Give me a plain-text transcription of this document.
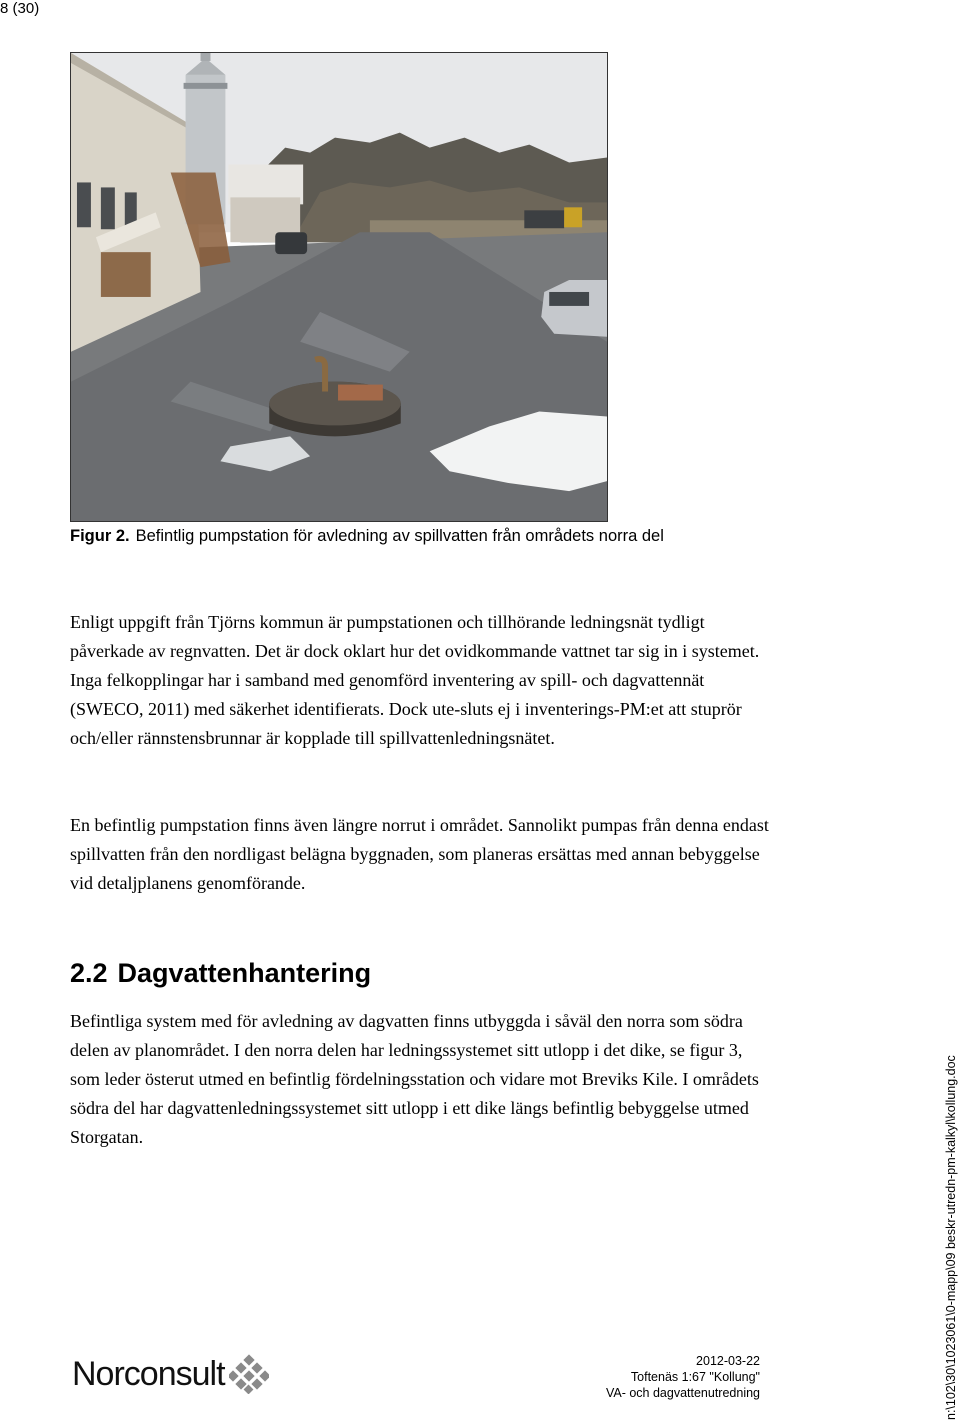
8 (30)
Figur 2. Befintlig pumpstation för avledning av spillvatten från områdets norra del

Enligt uppgift från Tjörns kommun är pumpstationen och tillhörande ledningsnät tydligt påverkade av regnvatten. Det är dock oklart hur det ovidkommande vattnet tar sig in i systemet. Inga felkopplingar har i samband med genomförd inventering av spill- och dagvattennät (SWECO, 2011) med säkerhet identifierats. Dock ute-sluts ej i inventerings-PM:et att stuprör och/eller rännstensbrunnar är kopplade till spillvattenledningsnätet.

En befintlig pumpstation finns även längre norrut i området. Sannolikt pumpas från denna endast spillvatten från den nordligast belägna byggnaden, som planeras ersättas med annan bebyggelse vid detaljplanens genomförande.

2.2 Dagvattenhantering

Befintliga system med för avledning av dagvatten finns utbyggda i såväl den norra som södra delen av planområdet. I den norra delen har ledningssystemet sitt utlopp i det dike, se figur 3, som leder österut utmed en befintlig fördelningsstation och vidare mot Breviks Kile. I områdets södra del har dagvattenledningssystemet sitt utlopp i ett dike längs befintlig bebyggelse utmed Storgatan.

Norconsult	2012-03-22
Toftenäs 1:67 "Kollung"
VA- och dagvattenutredning	n:\102\30\1023061\0-mapp\09 beskr-utredn-pm-kalkyl\kollung.doc
